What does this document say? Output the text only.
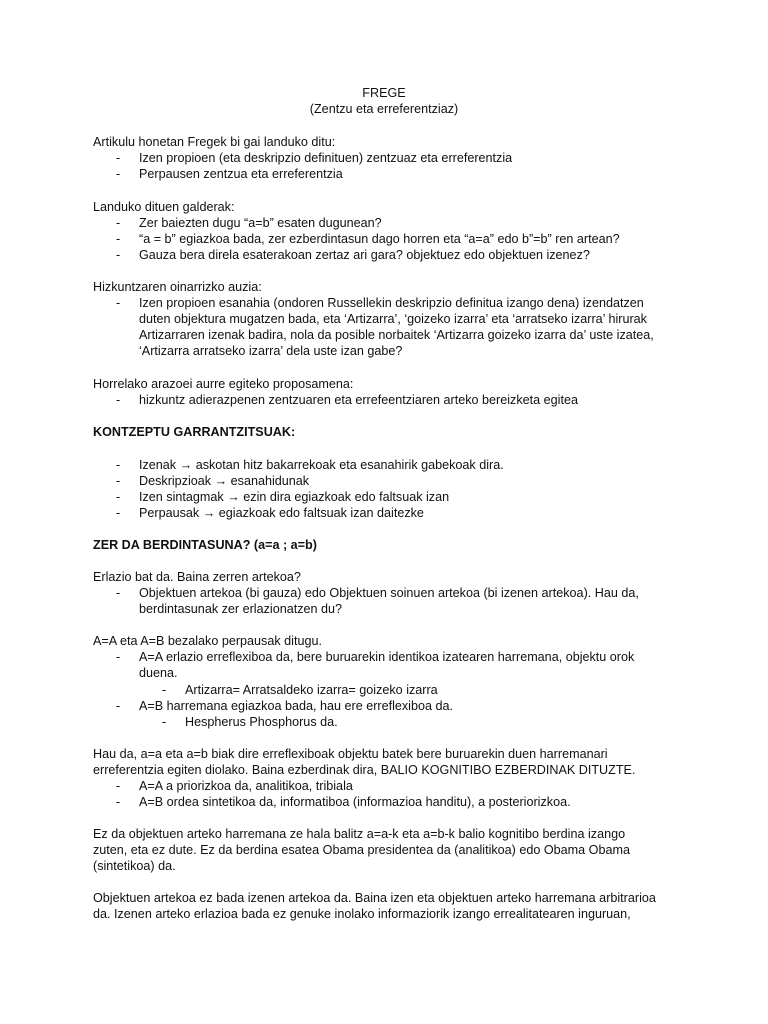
FREGE
(Zentzu eta erreferentziaz)
Artikulu honetan Fregek bi gai landuko ditu:
- Izen propioen (eta deskripzio definituen) zentzuaz eta erreferentzia
- Perpausen zentzua eta erreferentzia
Landuko dituen galderak:
- Zer baiezten dugu “a=b” esaten dugunean?
- “a = b” egiazkoa bada, zer ezberdintasun dago horren eta “a=a” edo b”=b” ren artean?
- Gauza bera direla esaterakoan zertaz ari gara? objektuez edo objektuen izenez?
Hizkuntzaren oinarrizko auzia:
- Izen propioen esanahia (ondoren Russellekin deskripzio definitua izango dena) izendatzen
duten objektura mugatzen bada, eta ‘Artizarra’, ‘goizeko izarra’ eta ‘arratseko izarra’ hirurak
Artizarraren izenak badira, nola da posible norbaitek ‘Artizarra goizeko izarra da’ uste izatea,
‘Artizarra arratseko izarra’ dela uste izan gabe?
Horrelako arazoei aurre egiteko proposamena:
- hizkuntz adierazpenen zentzuaren eta errefeentziaren arteko bereizketa egitea
KONTZEPTU GARRANTZITSUAK:
- Izenak → askotan hitz bakarrekoak eta esanahirik gabekoak dira.
- Deskripzioak → esanahidunak
- Izen sintagmak → ezin dira egiazkoak edo faltsuak izan
- Perpausak → egiazkoak edo faltsuak izan daitezke
ZER DA BERDINTASUNA? (a=a ; a=b)
Erlazio bat da. Baina zerren artekoa?
- Objektuen artekoa (bi gauza) edo Objektuen soinuen artekoa (bi izenen artekoa). Hau da,
berdintasunak zer erlazionatzen du?
A=A eta A=B bezalako perpausak ditugu.
- A=A erlazio erreflexiboa da, bere buruarekin identikoa izatearen harremana, objektu orok
duena.
- Artizarra= Arratsaldeko izarra= goizeko izarra
- A=B harremana egiazkoa bada, hau ere erreflexiboa da.
- Hespherus Phosphorus da.
Hau da, a=a eta a=b biak dire erreflexiboak objektu batek bere buruarekin duen harremanari
erreferentzia egiten diolako. Baina ezberdinak dira, BALIO KOGNITIBO EZBERDINAK DITUZTE.
- A=A a priorizkoa da, analitikoa, tribiala
- A=B ordea sintetikoa da, informatiboa (informazioa handitu), a posteriorizkoa.
Ez da objektuen arteko harremana ze hala balitz a=a-k eta a=b-k balio kognitibo berdina izango
zuten, eta ez dute. Ez da berdina esatea Obama presidentea da (analitikoa) edo Obama Obama
(sintetikoa) da.
Objektuen artekoa ez bada izenen artekoa da. Baina izen eta objektuen arteko harremana arbitrarioa
da. Izenen arteko erlazioa bada ez genuke inolako informaziorik izango errealitatearen inguruan,
